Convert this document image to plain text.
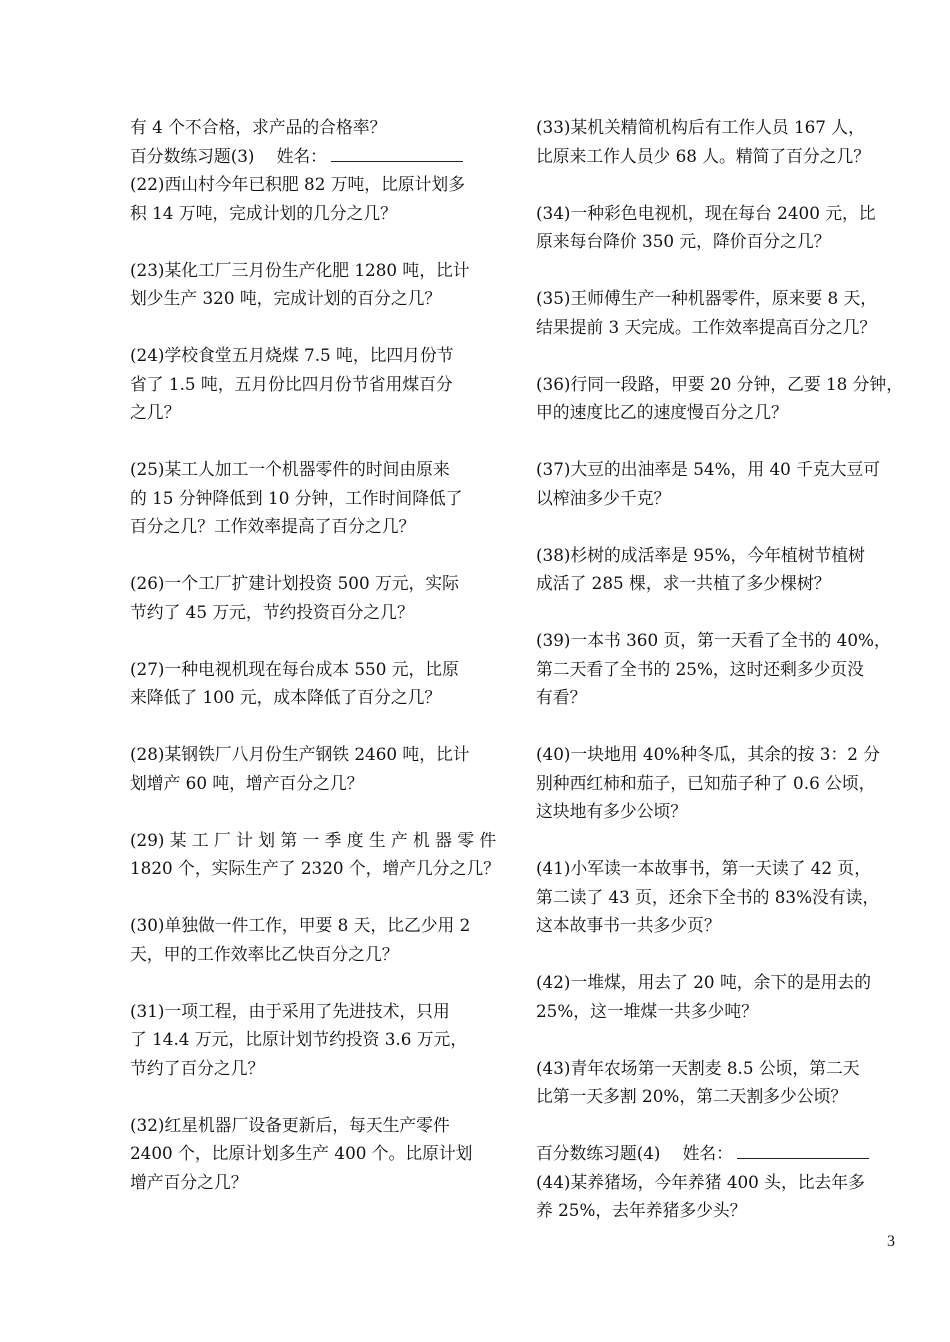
有 4 个不合格，求产品的合格率？
百分数练习题(3)　 姓名：
(22)西山村今年已积肥 82 万吨，比原计划多
积 14 万吨，完成计划的几分之几？
(23)某化工厂三月份生产化肥 1280 吨，比计
划少生产 320 吨，完成计划的百分之几？
(24)学校食堂五月烧煤 7.5 吨，比四月份节
省了 1.5 吨，五月份比四月份节省用煤百分
之几？
(25)某工人加工一个机器零件的时间由原来
的 15 分钟降低到 10 分钟，工作时间降低了
百分之几？工作效率提高了百分之几？
(26)一个工厂扩建计划投资 500 万元，实际
节约了 45 万元，节约投资百分之几？
(27)一种电视机现在每台成本 550 元，比原
来降低了 100 元，成本降低了百分之几？
(28)某钢铁厂八月份生产钢铁 2460 吨，比计
划增产 60 吨，增产百分之几？
(29) 某 工 厂 计 划 第 一 季 度 生 产 机 器 零 件
1820 个，实际生产了 2320 个，增产几分之几？
(30)单独做一件工作，甲要 8 天，比乙少用 2
天，甲的工作效率比乙快百分之几？
(31)一项工程，由于采用了先进技术，只用
了 14.4 万元，比原计划节约投资 3.6 万元，
节约了百分之几？
(32)红星机器厂设备更新后，每天生产零件
2400 个，比原计划多生产 400 个。比原计划
增产百分之几？
(33)某机关精简机构后有工作人员 167 人，
比原来工作人员少 68 人。精简了百分之几？
(34)一种彩色电视机，现在每台 2400 元，比
原来每台降价 350 元，降价百分之几？
(35)王师傅生产一种机器零件，原来要 8 天，
结果提前 3 天完成。工作效率提高百分之几？
(36)行同一段路，甲要 20 分钟，乙要 18 分钟，
甲的速度比乙的速度慢百分之几？
(37)大豆的出油率是 54%，用 40 千克大豆可
以榨油多少千克？
(38)杉树的成活率是 95%，今年植树节植树
成活了 285 棵，求一共植了多少棵树？
(39)一本书 360 页，第一天看了全书的 40%，
第二天看了全书的 25%，这时还剩多少页没
有看？
(40)一块地用 40%种冬瓜，其余的按 3：2 分
别种西红柿和茄子，已知茄子种了 0.6 公顷，
这块地有多少公顷？
(41)小军读一本故事书，第一天读了 42 页，
第二读了 43 页，还余下全书的 83%没有读，
这本故事书一共多少页？
(42)一堆煤，用去了 20 吨，余下的是用去的
25%，这一堆煤一共多少吨？
(43)青年农场第一天割麦 8.5 公顷，第二天
比第一天多割 20%，第二天割多少公顷？
百分数练习题(4)　 姓名：
(44)某养猪场，今年养猪 400 头，比去年多
养 25%，去年养猪多少头？
3
